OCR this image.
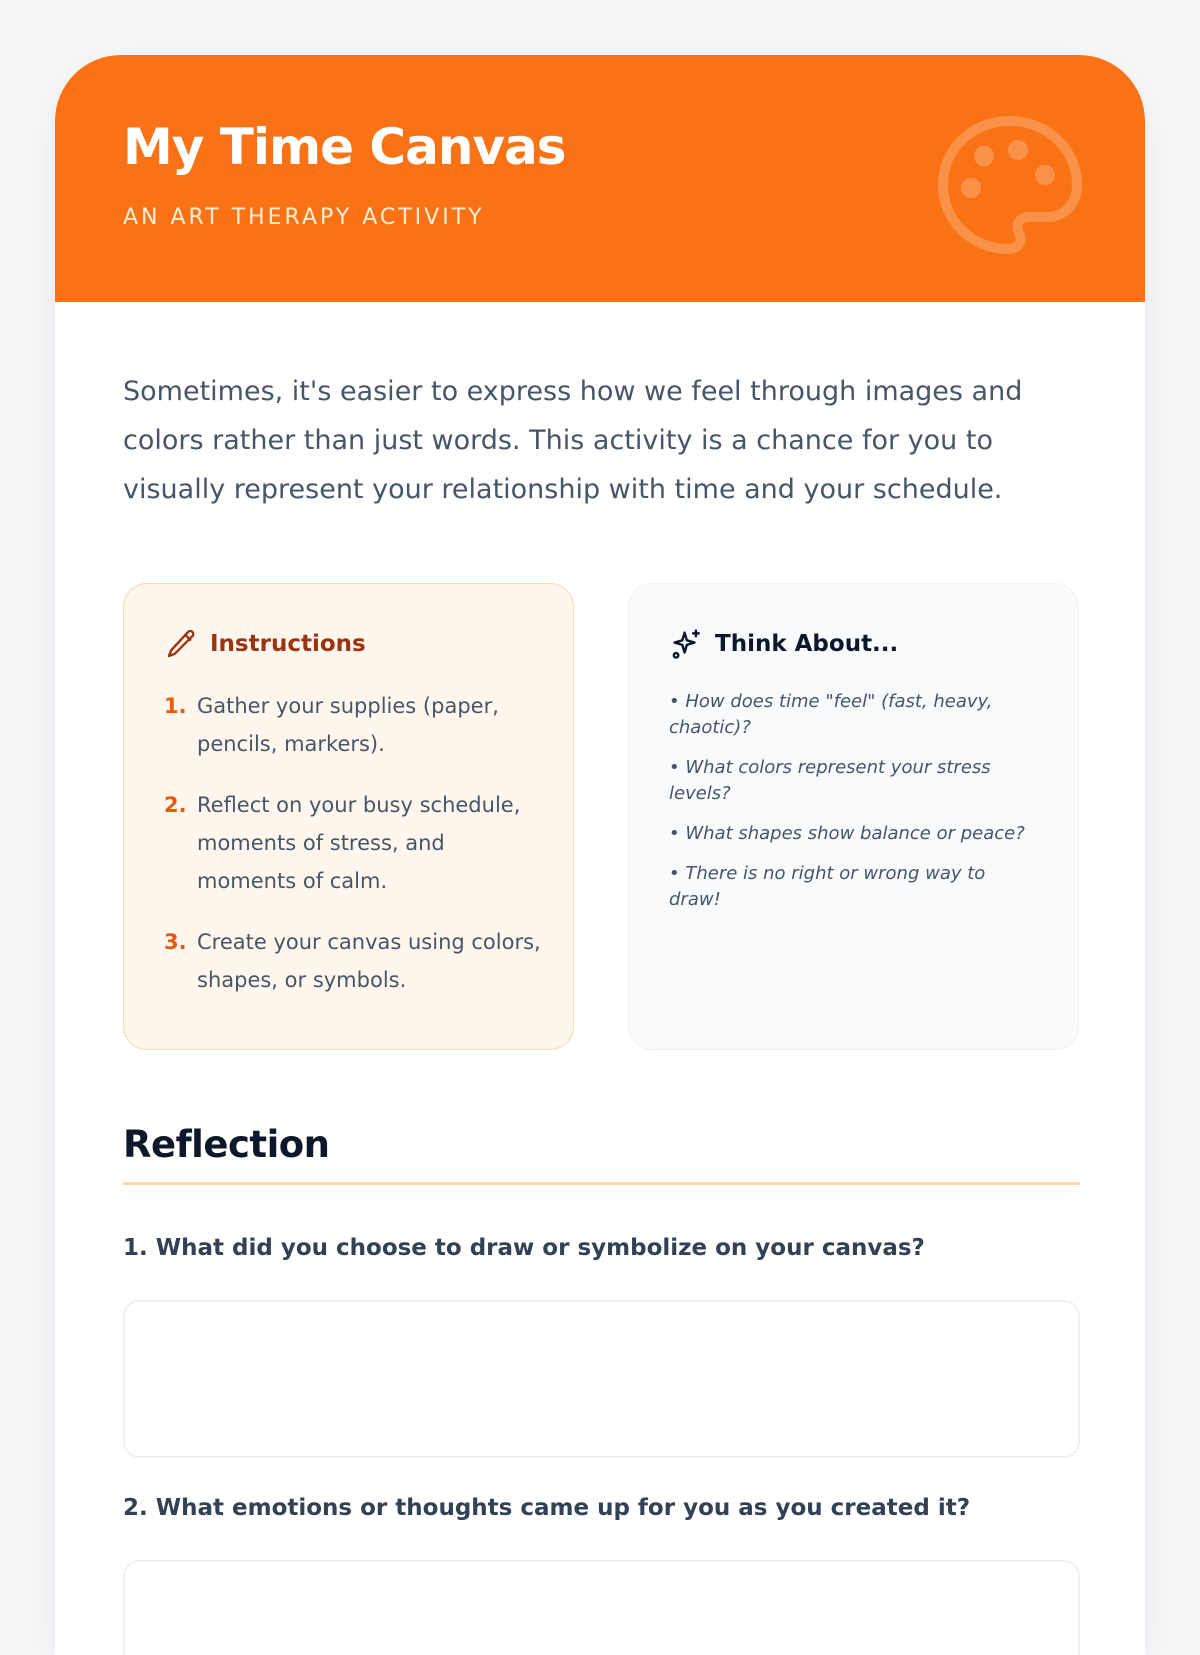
My Time Canvas
AN ART THERAPY ACTIVITY

Sometimes, it's easier to express how we feel through images and colors rather than just words. This activity is a chance for you to visually represent your relationship with time and your schedule.

Instructions
1. Gather your supplies (paper, pencils, markers).
2. Reflect on your busy schedule, moments of stress, and moments of calm.
3. Create your canvas using colors, shapes, or symbols.
Think About...
• How does time "feel" (fast, heavy, chaotic)?
• What colors represent your stress levels?
• What shapes show balance or peace?
• There is no right or wrong way to draw!
Reflection
1. What did you choose to draw or symbolize on your canvas?
2. What emotions or thoughts came up for you as you created it?
